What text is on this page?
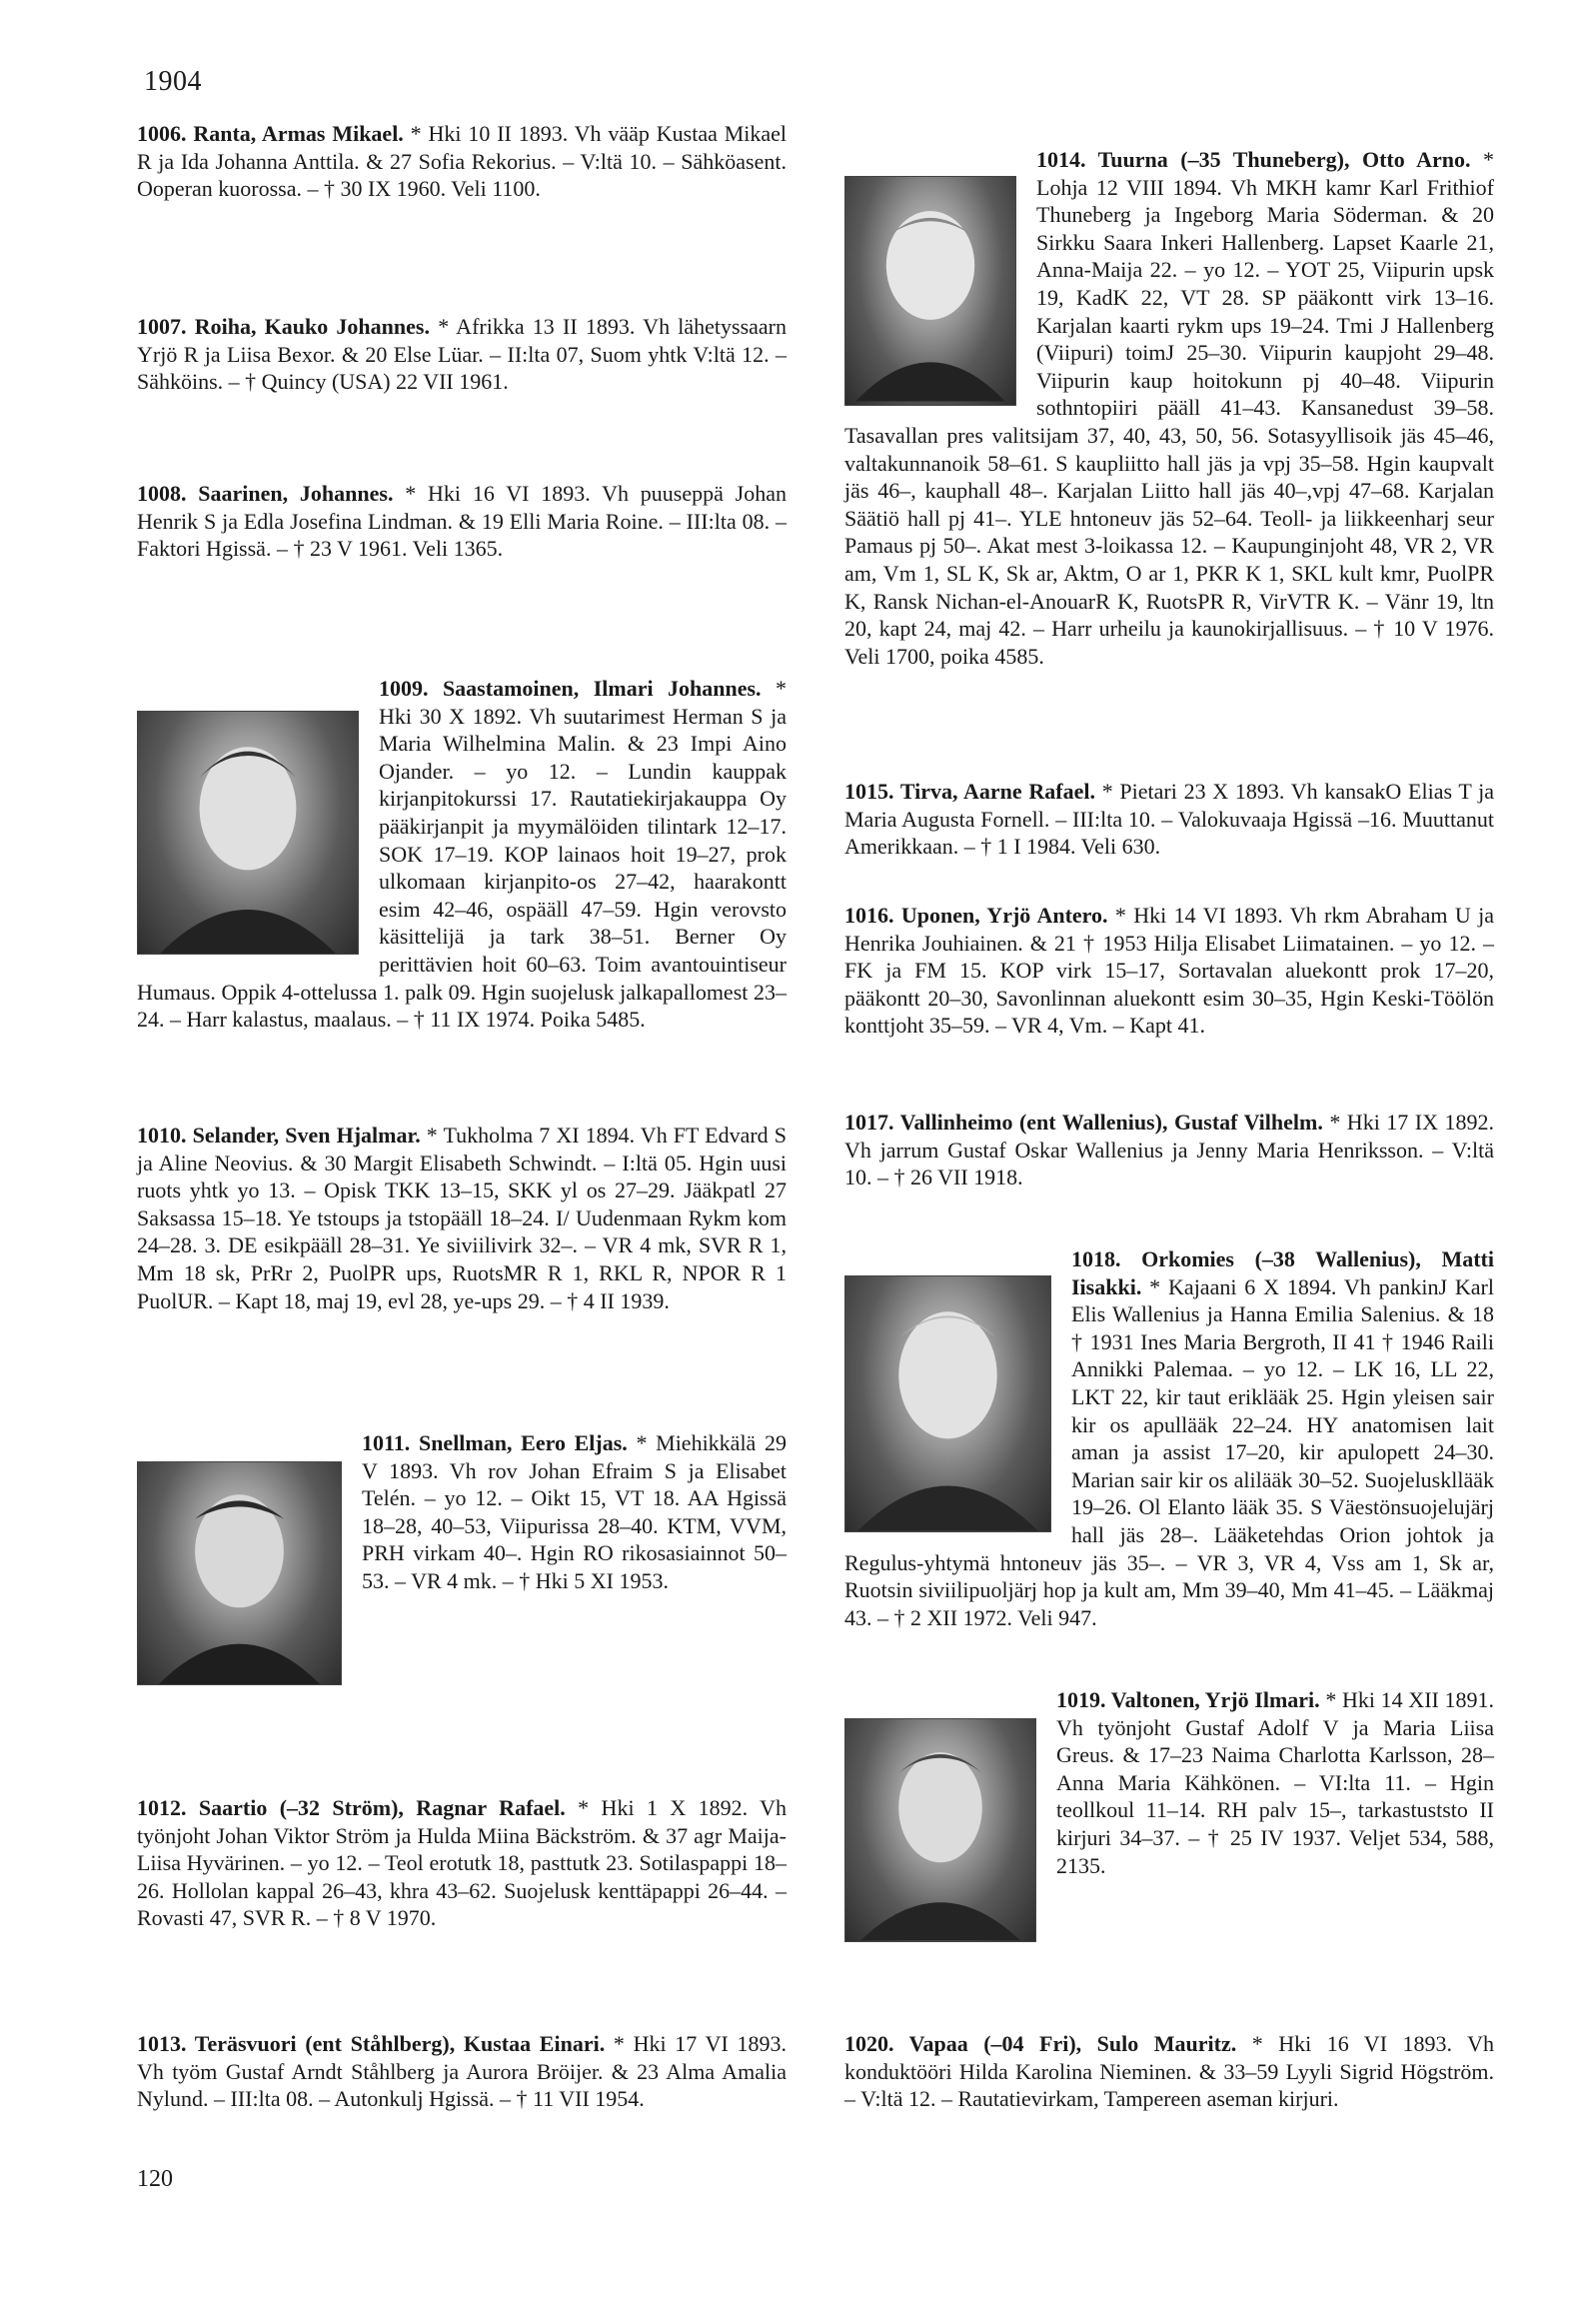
1904
1006. Ranta, Armas Mikael. * Hki 10 II 1893. Vh vääp Kustaa Mikael R ja Ida Johanna Anttila. & 27 Sofia Rekorius. – V:ltä 10. – Sähköasent. Ooperan kuorossa. – † 30 IX 1960. Veli 1100.
1007. Roiha, Kauko Johannes. * Afrikka 13 II 1893. Vh lähetyssaarn Yrjö R ja Liisa Bexor. & 20 Else Lüar. – II:lta 07, Suom yhtk V:ltä 12. – Sähköins. – † Quincy (USA) 22 VII 1961.
1008. Saarinen, Johannes. * Hki 16 VI 1893. Vh puuseppä Johan Henrik S ja Edla Josefina Lindman. & 19 Elli Maria Roine. – III:lta 08. – Faktori Hgissä. – † 23 V 1961. Veli 1365.
1009. Saastamoinen, Ilmari Johannes. * Hki 30 X 1892. Vh suutarimest Herman S ja Maria Wilhelmina Malin. & 23 Impi Aino Ojander. – yo 12. – Lundin kauppak kirjanpitokurssi 17. Rautatiekirjakauppa Oy pääkirjanpit ja myymälöiden tilintark 12–17. SOK 17–19. KOP lainaos hoit 19–27, prok ulkomaan kirjanpito-os 27–42, haarakontt esim 42–46, ospääll 47–59. Hgin verovsto käsittelijä ja tark 38–51. Berner Oy perittävien hoit 60–63. Toim avantouintiseur Humaus. Oppik 4-ottelussa 1. palk 09. Hgin suojelusk jalkapallomest 23–24. – Harr kalastus, maalaus. – † 11 IX 1974. Poika 5485.
1010. Selander, Sven Hjalmar. * Tukholma 7 XI 1894. Vh FT Edvard S ja Aline Neovius. & 30 Margit Elisabeth Schwindt. – I:ltä 05. Hgin uusi ruots yhtk yo 13. – Opisk TKK 13–15, SKK yl os 27–29. Jääkpatl 27 Saksassa 15–18. Ye tstoups ja tstopääll 18–24. I/ Uudenmaan Rykm kom 24–28. 3. DE esikpääll 28–31. Ye siviilivirk 32–. – VR 4 mk, SVR R 1, Mm 18 sk, PrRr 2, PuolPR ups, RuotsMR R 1, RKL R, NPOR R 1 PuolUR. – Kapt 18, maj 19, evl 28, ye-ups 29. – † 4 II 1939.
1011. Snellman, Eero Eljas. * Miehikkälä 29 V 1893. Vh rov Johan Efraim S ja Elisabet Telén. – yo 12. – Oikt 15, VT 18. AA Hgissä 18–28, 40–53, Viipurissa 28–40. KTM, VVM, PRH virkam 40–. Hgin RO rikosasiainnot 50–53. – VR 4 mk. – † Hki 5 XI 1953.
1012. Saartio (–32 Ström), Ragnar Rafael. * Hki 1 X 1892. Vh työnjoht Johan Viktor Ström ja Hulda Miina Bäckström. & 37 agr Maija-Liisa Hyvärinen. – yo 12. – Teol erotutk 18, pasttutk 23. Sotilaspappi 18–26. Hollolan kappal 26–43, khra 43–62. Suojelusk kenttäpappi 26–44. – Rovasti 47, SVR R. – † 8 V 1970.
1013. Teräsvuori (ent Ståhlberg), Kustaa Einari. * Hki 17 VI 1893. Vh työm Gustaf Arndt Ståhlberg ja Aurora Bröijer. & 23 Alma Amalia Nylund. – III:lta 08. – Autonkulj Hgissä. – † 11 VII 1954.
1014. Tuurna (–35 Thuneberg), Otto Arno. * Lohja 12 VIII 1894. Vh MKH kamr Karl Frithiof Thuneberg ja Ingeborg Maria Söderman. & 20 Sirkku Saara Inkeri Hallenberg. Lapset Kaarle 21, Anna-Maija 22. – yo 12. – YOT 25, Viipurin upsk 19, KadK 22, VT 28. SP pääkontt virk 13–16. Karjalan kaarti rykm ups 19–24. Tmi J Hallenberg (Viipuri) toimJ 25–30. Viipurin kaupjoht 29–48. Viipurin kaup hoitokunn pj 40–48. Viipurin sothntopiiri pääll 41–43. Kansanedust 39–58. Tasavallan pres valitsijam 37, 40, 43, 50, 56. Sotasyyllisoik jäs 45–46, valtakunnanoik 58–61. S kaupliitto hall jäs ja vpj 35–58. Hgin kaupvalt jäs 46–, kauphall 48–. Karjalan Liitto hall jäs 40–,vpj 47–68. Karjalan Säätiö hall pj 41–. YLE hntoneuv jäs 52–64. Teoll- ja liikkeenharj seur Pamaus pj 50–. Akat mest 3-loikassa 12. – Kaupunginjoht 48, VR 2, VR am, Vm 1, SL K, Sk ar, Aktm, O ar 1, PKR K 1, SKL kult kmr, PuolPR K, Ransk Nichan-el-AnouarR K, RuotsPR R, VirVTR K. – Vänr 19, ltn 20, kapt 24, maj 42. – Harr urheilu ja kaunokirjallisuus. – † 10 V 1976. Veli 1700, poika 4585.
1015. Tirva, Aarne Rafael. * Pietari 23 X 1893. Vh kansakO Elias T ja Maria Augusta Fornell. – III:lta 10. – Valokuvaaja Hgissä –16. Muuttanut Amerikkaan. – † 1 I 1984. Veli 630.
1016. Uponen, Yrjö Antero. * Hki 14 VI 1893. Vh rkm Abraham U ja Henrika Jouhiainen. & 21 † 1953 Hilja Elisabet Liimatainen. – yo 12. – FK ja FM 15. KOP virk 15–17, Sortavalan aluekontt prok 17–20, pääkontt 20–30, Savonlinnan aluekontt esim 30–35, Hgin Keski-Töölön konttjoht 35–59. – VR 4, Vm. – Kapt 41.
1017. Vallinheimo (ent Wallenius), Gustaf Vilhelm. * Hki 17 IX 1892. Vh jarrum Gustaf Oskar Wallenius ja Jenny Maria Henriksson. – V:ltä 10. – † 26 VII 1918.
1018. Orkomies (–38 Wallenius), Matti Iisakki. * Kajaani 6 X 1894. Vh pankinJ Karl Elis Wallenius ja Hanna Emilia Salenius. & 18 † 1931 Ines Maria Bergroth, II 41 † 1946 Raili Annikki Palemaa. – yo 12. – LK 16, LL 22, LKT 22, kir taut eriklääk 25. Hgin yleisen sair kir os apullääk 22–24. HY anatomisen lait aman ja assist 17–20, kir apulopett 24–30. Marian sair kir os alilääk 30–52. Suojeluskllääk 19–26. Ol Elanto lääk 35. S Väestönsuojelujärj hall jäs 28–. Lääketehdas Orion johtok ja Regulus-yhtymä hntoneuv jäs 35–. – VR 3, VR 4, Vss am 1, Sk ar, Ruotsin siviilipuoljärj hop ja kult am, Mm 39–40, Mm 41–45. – Lääkmaj 43. – † 2 XII 1972. Veli 947.
1019. Valtonen, Yrjö Ilmari. * Hki 14 XII 1891. Vh työnjoht Gustaf Adolf V ja Maria Liisa Greus. & 17–23 Naima Charlotta Karlsson, 28– Anna Maria Kähkönen. – VI:lta 11. – Hgin teollkoul 11–14. RH palv 15–, tarkastuststo II kirjuri 34–37. – † 25 IV 1937. Veljet 534, 588, 2135.
1020. Vapaa (–04 Fri), Sulo Mauritz. * Hki 16 VI 1893. Vh konduktööri Hilda Karolina Nieminen. & 33–59 Lyyli Sigrid Högström. – V:ltä 12. – Rautatievirkam, Tampereen aseman kirjuri.
120
